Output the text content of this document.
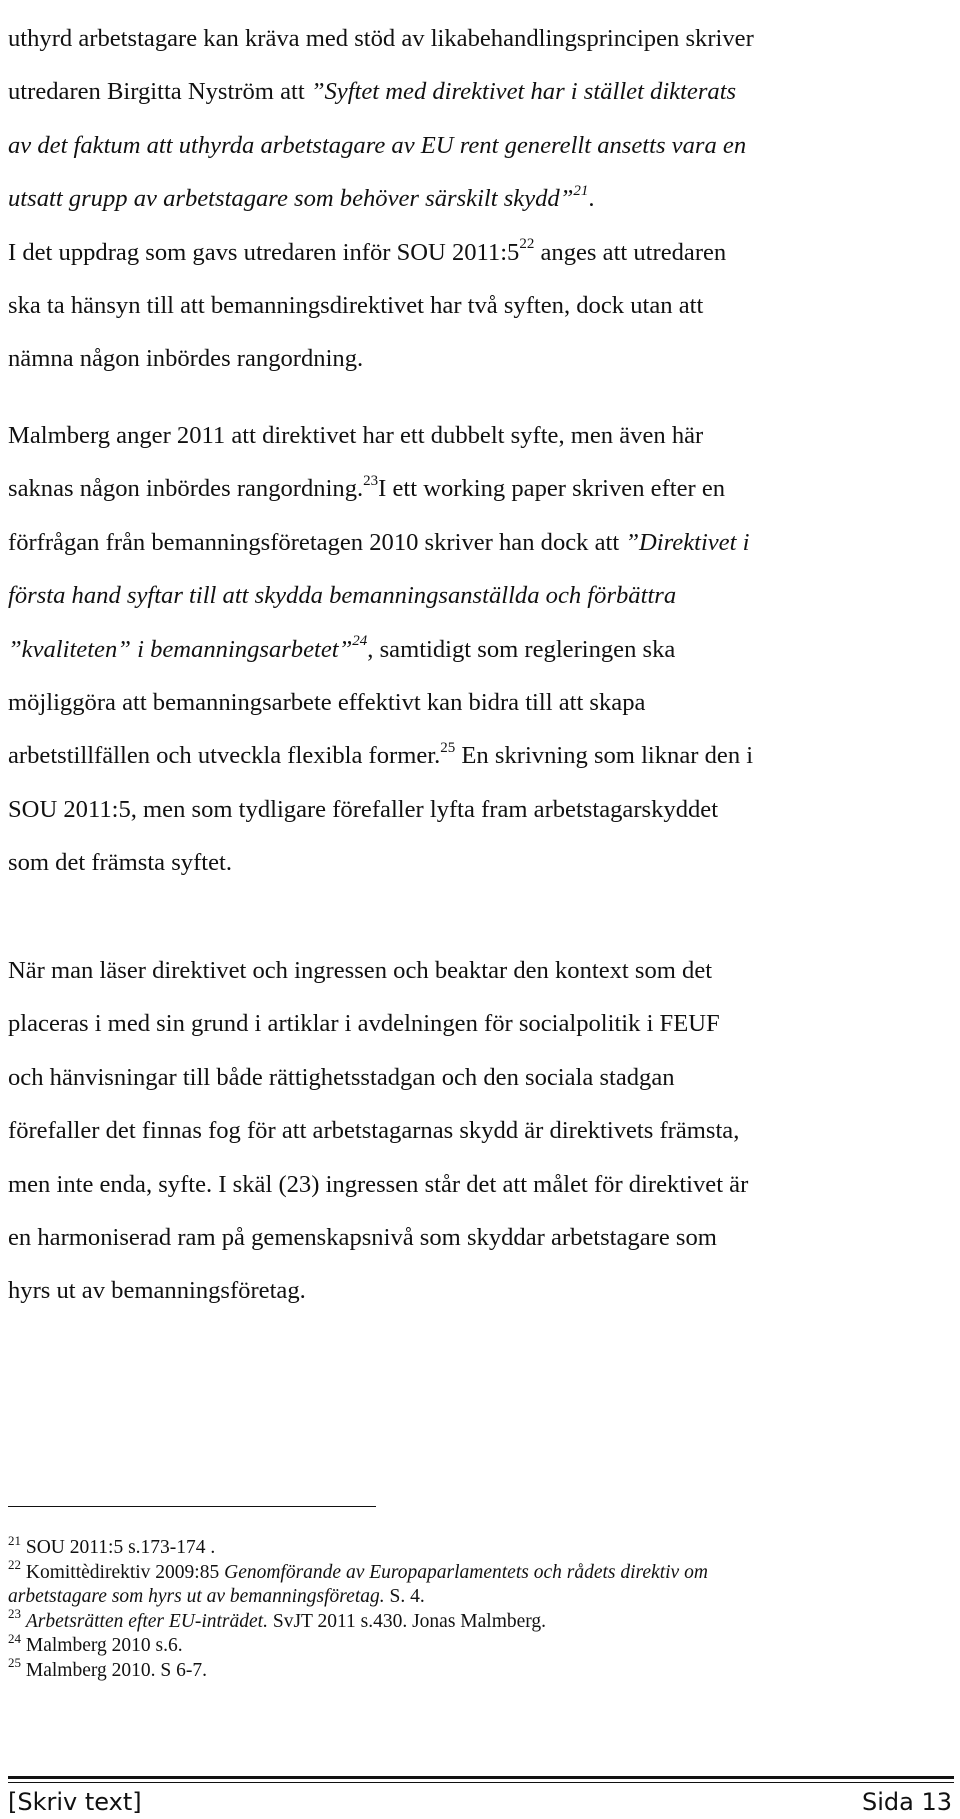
uthyrd arbetstagare kan kräva med stöd av likabehandlingsprincipen skriver
utredaren Birgitta Nyström att ”Syftet med direktivet har i stället dikterats
av det faktum att uthyrda arbetstagare av EU rent generellt ansetts vara en
utsatt grupp av arbetstagare som behöver särskilt skydd”$^{21}$.
I det uppdrag som gavs utredaren inför SOU $2011:5^{22}$ anges att utredaren
ska ta hänsyn till att bemanningsdirektivet har två syften, dock utan att
nämna någon inbördes rangordning.
Malmberg anger 2011 att direktivet har ett dubbelt syfte, men även här
saknas någon inbördes rangordning.$^{23}$I ett working paper skriven efter en
förfrågan från bemanningsföretagen 2010 skriver han dock att ”Direktivet i
första hand syftar till att skydda bemanningsanställda och förbättra
”kvaliteten” i bemanningsarbetet”$^{24}$, samtidigt som regleringen ska
möjliggöra att bemanningsarbete effektivt kan bidra till att skapa
arbetstillfällen och utveckla flexibla former.$^{25}$ En skrivning som liknar den i
SOU 2011:5, men som tydligare förefaller lyfta fram arbetstagarskyddet
som det främsta syftet.
När man läser direktivet och ingressen och beaktar den kontext som det
placeras i med sin grund i artiklar i avdelningen för socialpolitik i FEUF
och hänvisningar till både rättighetsstadgan och den sociala stadgan
förefaller det finnas fog för att arbetstagarnas skydd är direktivets främsta,
men inte enda, syfte. I skäl (23) ingressen står det att målet för direktivet är
en harmoniserad ram på gemenskapsnivå som skyddar arbetstagare som
hyrs ut av bemanningsföretag.
$^{21}$ SOU 2011:5 s.173-174 .
$^{22}$ Komittèdirektiv 2009:85 Genomförande av Europaparlamentets och rådets direktiv om
arbetstagare som hyrs ut av bemanningsföretag. S. 4.
$^{23}$ Arbetsrätten efter EU-inträdet. SvJT 2011 s.430. Jonas Malmberg.
$^{24}$ Malmberg 2010 s.6.
$^{25}$ Malmberg 2010. S 6-7.
[Skriv text]	Sida 13
